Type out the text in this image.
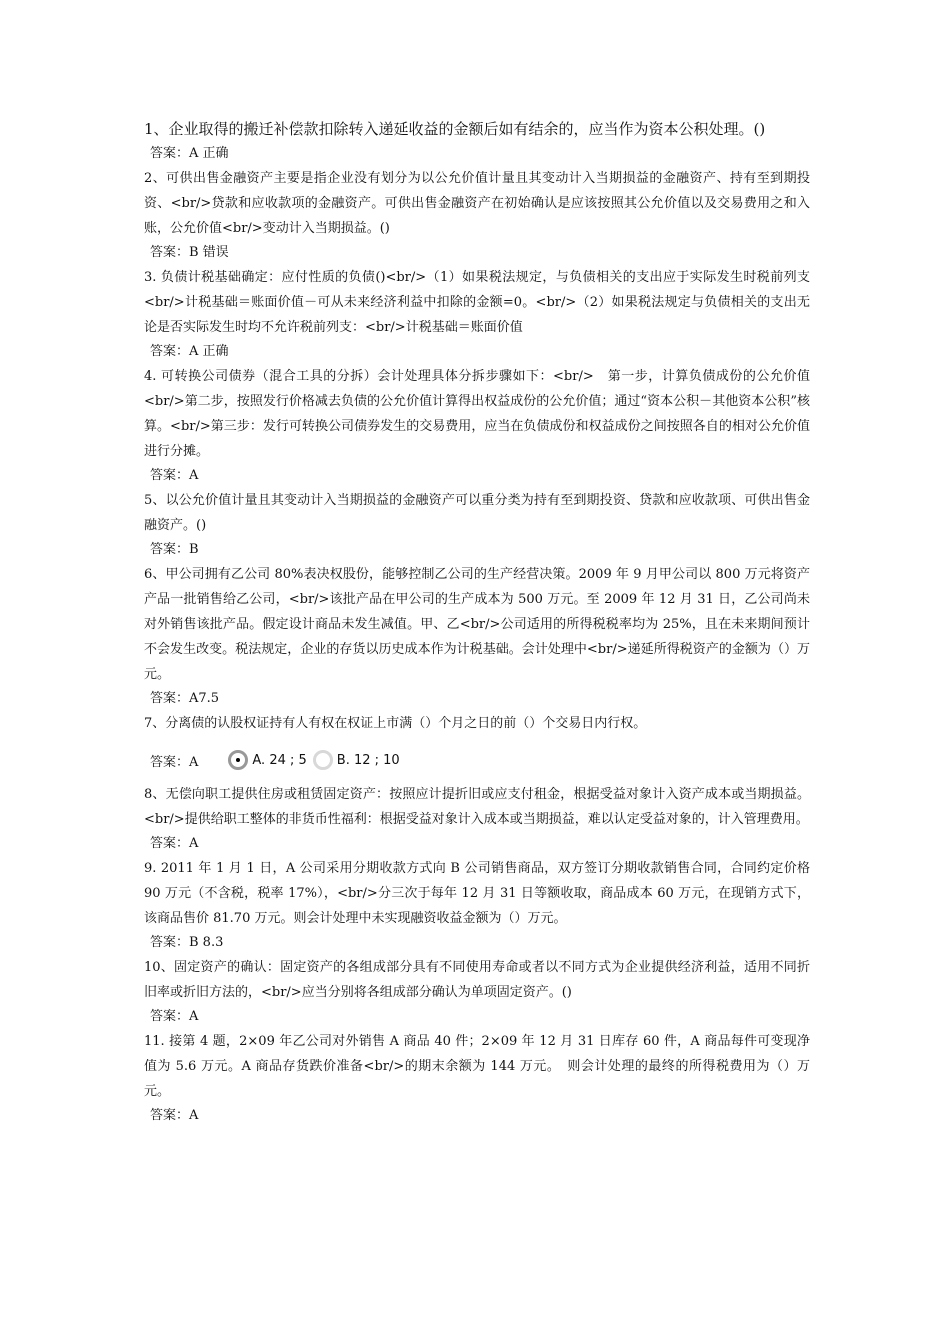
1、企业取得的搬迁补偿款扣除转入递延收益的金额后如有结余的，应当作为资本公积处理。()

答案：A 正确

2、可供出售金融资产主要是指企业没有划分为以公允价值计量且其变动计入当期损益的金融资产、持有至到期投资、<br/>贷款和应收款项的金融资产。可供出售金融资产在初始确认是应该按照其公允价值以及交易费用之和入账，公允价值<br/>变动计入当期损益。()

答案：B 错误

3. 负债计税基础确定：应付性质的负债()<br/>（1）如果税法规定，与负债相关的支出应于实际发生时税前列支<br/>计税基础＝账面价值－可从未来经济利益中扣除的金额=0。<br/>（2）如果税法规定与负债相关的支出无论是否实际发生时均不允许税前列支：<br/>计税基础＝账面价值

答案：A 正确

4. 可转换公司债券（混合工具的分拆）会计处理具体分拆步骤如下：<br/>　第一步，计算负债成份的公允价值<br/>第二步，按照发行价格减去负债的公允价值计算得出权益成份的公允价值；通过“资本公积－其他资本公积”核算。<br/>第三步：发行可转换公司债券发生的交易费用，应当在负债成份和权益成份之间按照各自的相对公允价值进行分摊。

答案：A

5、以公允价值计量且其变动计入当期损益的金融资产可以重分类为持有至到期投资、贷款和应收款项、可供出售金融资产。()

答案：B

6、甲公司拥有乙公司 80%表决权股份，能够控制乙公司的生产经营决策。2009 年 9 月甲公司以 800 万元将资产产品一批销售给乙公司，<br/>该批产品在甲公司的生产成本为 500 万元。至 2009 年 12 月 31 日，乙公司尚未对外销售该批产品。假定设计商品未发生减值。甲、乙<br/>公司适用的所得税税率均为 25%，且在未来期间预计不会发生改变。税法规定，企业的存货以历史成本作为计税基础。会计处理中<br/>递延所得税资产的金额为（）万元。

答案：A7.5

7、分离债的认股权证持有人有权在权证上市满（）个月之日的前（）个交易日内行权。

答案：A	A. 24 ; 5 B. 12 ; 10

8、无偿向职工提供住房或租赁固定资产：按照应计提折旧或应支付租金，根据受益对象计入资产成本或当期损益。<br/>提供给职工整体的非货币性福利：根据受益对象计入成本或当期损益，难以认定受益对象的，计入管理费用。

答案：A

9. 2011 年 1 月 1 日，A 公司采用分期收款方式向 B 公司销售商品，双方签订分期收款销售合同，合同约定价格 90 万元（不含税，税率 17%），<br/>分三次于每年 12 月 31 日等额收取，商品成本 60 万元，在现销方式下，该商品售价 81.70 万元。则会计处理中未实现融资收益金额为（）万元。

答案：B 8.3

10、固定资产的确认：固定资产的各组成部分具有不同使用寿命或者以不同方式为企业提供经济利益，适用不同折旧率或折旧方法的，<br/>应当分别将各组成部分确认为单项固定资产。()

答案：A

11. 接第 4 题，2×09 年乙公司对外销售 A 商品 40 件；2×09 年 12 月 31 日库存 60 件，A 商品每件可变现净值为 5.6 万元。A 商品存货跌价准备<br/>的期末余额为 144 万元。　则会计处理的最终的所得税费用为（）万元。

答案：A
